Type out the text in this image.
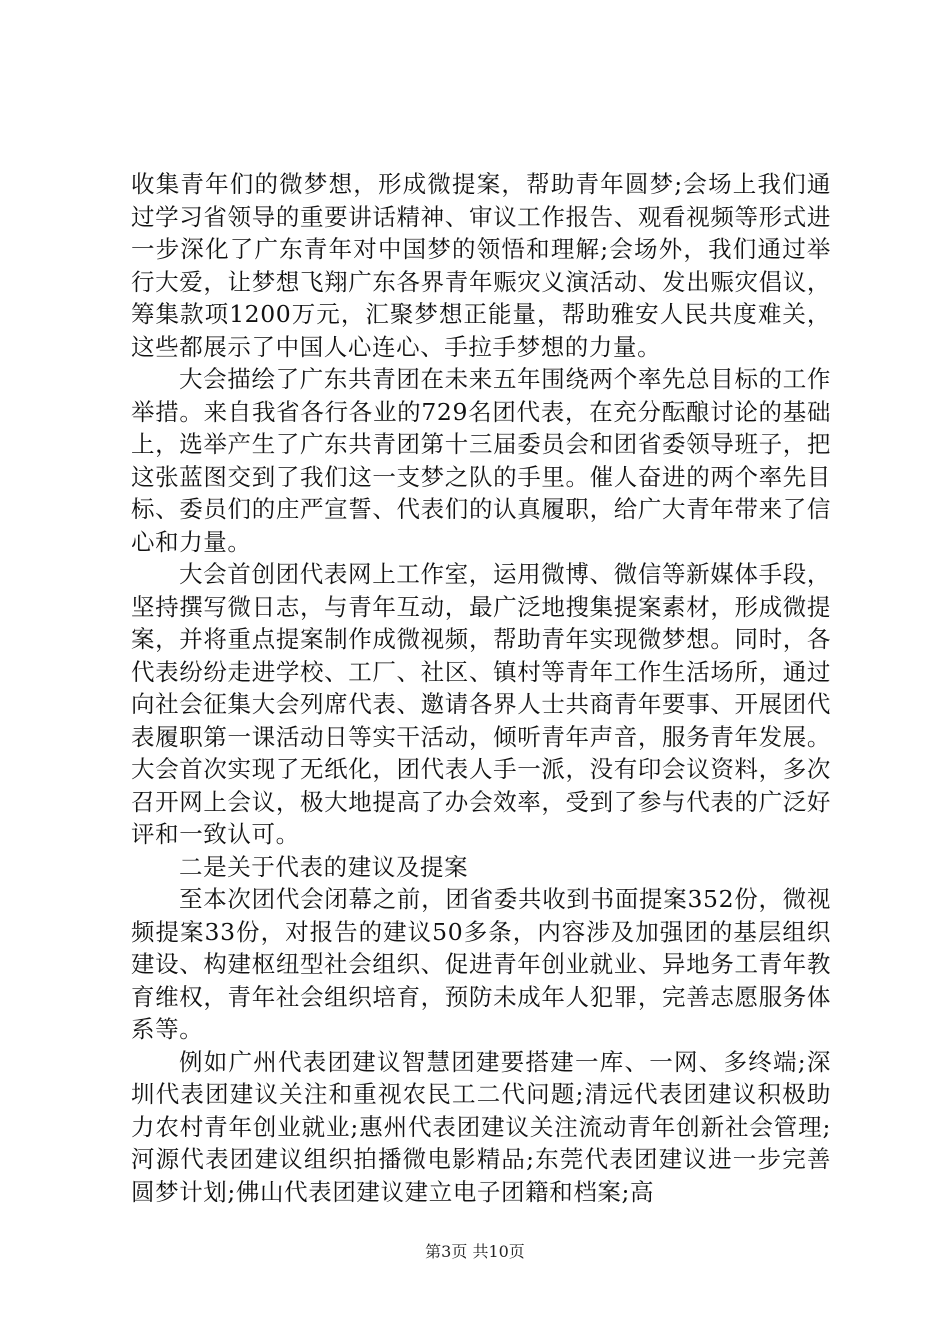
收集青年们的微梦想，形成微提案，帮助青年圆梦;会场上我们通过学习省领导的重要讲话精神、审议工作报告、观看视频等形式进一步深化了广东青年对中国梦的领悟和理解;会场外，我们通过举行大爱，让梦想飞翔广东各界青年赈灾义演活动、发出赈灾倡议，筹集款项1200万元，汇聚梦想正能量，帮助雅安人民共度难关，这些都展示了中国人心连心、手拉手梦想的力量。

大会描绘了广东共青团在未来五年围绕两个率先总目标的工作举措。来自我省各行各业的729名团代表，在充分酝酿讨论的基础上，选举产生了广东共青团第十三届委员会和团省委领导班子，把这张蓝图交到了我们这一支梦之队的手里。催人奋进的两个率先目标、委员们的庄严宣誓、代表们的认真履职，给广大青年带来了信心和力量。

大会首创团代表网上工作室，运用微博、微信等新媒体手段，坚持撰写微日志，与青年互动，最广泛地搜集提案素材，形成微提案，并将重点提案制作成微视频，帮助青年实现微梦想。同时，各代表纷纷走进学校、工厂、社区、镇村等青年工作生活场所，通过向社会征集大会列席代表、邀请各界人士共商青年要事、开展团代表履职第一课活动日等实干活动，倾听青年声音，服务青年发展。大会首次实现了无纸化，团代表人手一派，没有印会议资料，多次召开网上会议，极大地提高了办会效率，受到了参与代表的广泛好评和一致认可。

二是关于代表的建议及提案

至本次团代会闭幕之前，团省委共收到书面提案352份，微视频提案33份，对报告的建议50多条，内容涉及加强团的基层组织建设、构建枢纽型社会组织、促进青年创业就业、异地务工青年教育维权，青年社会组织培育，预防未成年人犯罪，完善志愿服务体系等。

例如广州代表团建议智慧团建要搭建一库、一网、多终端;深圳代表团建议关注和重视农民工二代问题;清远代表团建议积极助力农村青年创业就业;惠州代表团建议关注流动青年创新社会管理;河源代表团建议组织拍播微电影精品;东莞代表团建议进一步完善圆梦计划;佛山代表团建议建立电子团籍和档案;高

第3页 共10页
